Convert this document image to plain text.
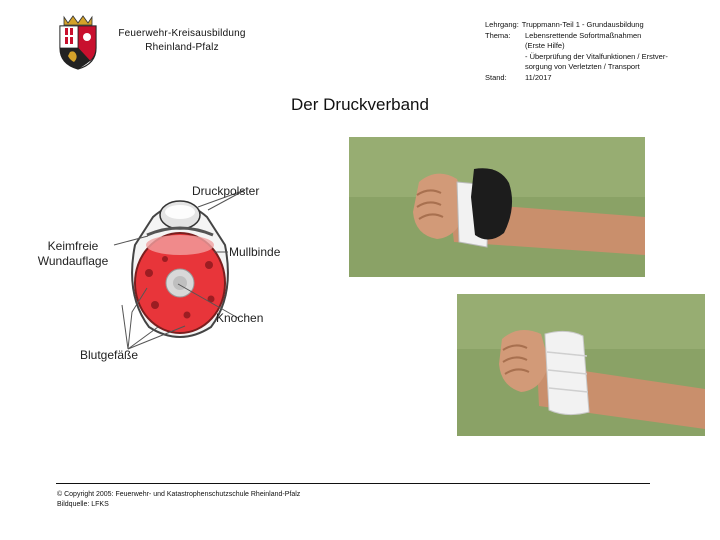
Feuerwehr-Kreisausbildung
Rheinland-Pfalz
Lehrgang: Truppmann-Teil 1 - Grundausbildung
Thema:	Lebensrettende Sofortmaßnahmen
(Erste Hilfe)
- Überprüfung der Vitalfunktionen / Erstver-
sorgung von Verletzten / Transport
Stand:	11/2017
Der Druckverband
Druckpolster
Keimfreie
Wundauflage
Mullbinde
Knochen
Blutgefäße
© Copyright 2005: Feuerwehr- und Katastrophenschutzschule Rheinland-Pfalz
Bildquelle: LFKS
